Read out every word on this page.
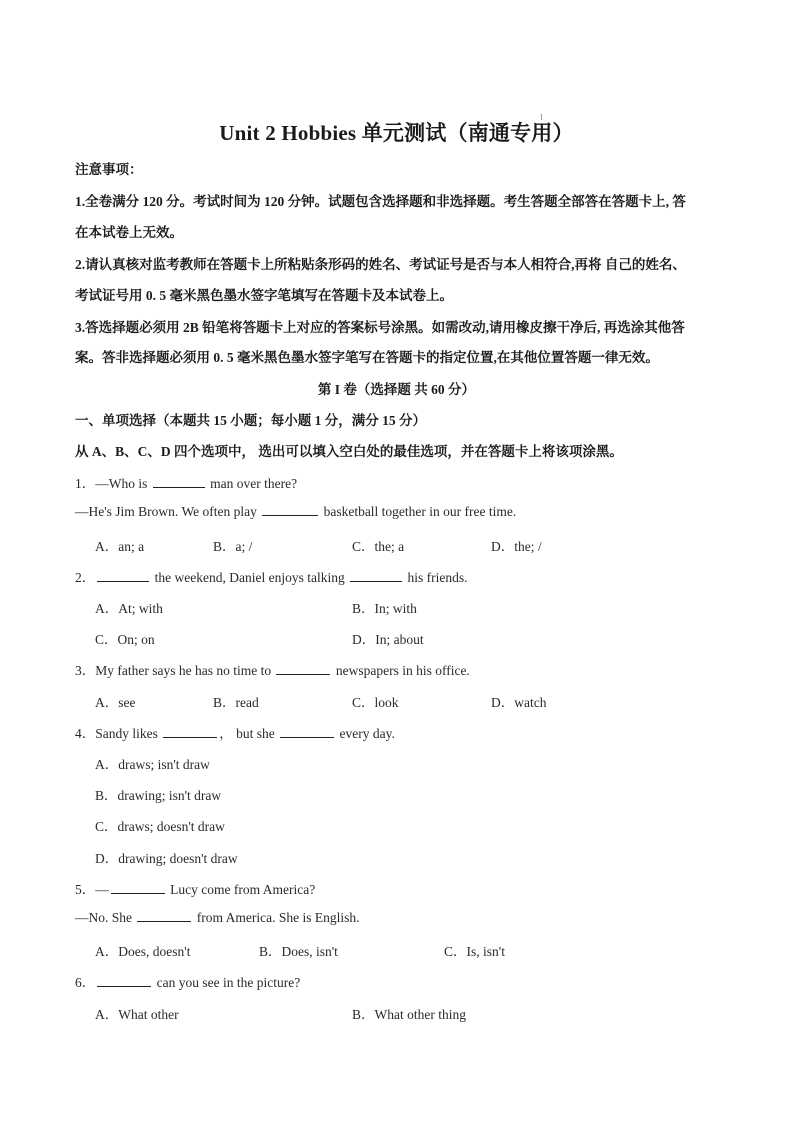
Unit 2 Hobbies 单元测试（南通专用）
注意事项：
1.全卷满分 120 分。考试时间为 120 分钟。试题包含选择题和非选择题。考生答题全部答在答题卡上, 答
在本试卷上无效。
2.请认真核对监考教师在答题卡上所粘贴条形码的姓名、考试证号是否与本人相符合,再将 自己的姓名、
考试证号用 0. 5 毫米黑色墨水签字笔填写在答题卡及本试卷上。
3.答选择题必须用 2B 铅笔将答题卡上对应的答案标号涂黑。如需改动,请用橡皮擦干净后, 再选涂其他答
案。答非选择题必须用 0. 5 毫米黑色墨水签字笔写在答题卡的指定位置,在其他位置答题一律无效。
第 I 卷（选择题 共 60 分）
一、单项选择（本题共 15 小题；每小题 1 分，满分 15 分）
从 A、B、C、D 四个选项中， 选出可以填入空白处的最佳选项，并在答题卡上将该项涂黑。
1．—Who is	man over there?
—He's Jim Brown. We often play	basketball together in our free time.
A．an; a	B．a; /	C．the; a	D．the; /
2．	the weekend, Daniel enjoys talking	his friends.
A．At; with	B．In; with
C．On; on	D．In; about
3．My father says he has no time to	newspapers in his office.
A．see	B．read	C．look	D．watch
4．Sandy likes	， but she	every day.
A．draws; isn't draw
B．drawing; isn't draw
C．draws; doesn't draw
D．drawing; doesn't draw
5．—	Lucy come from America?
—No. She	from America. She is English.
A．Does, doesn't	B．Does, isn't	C．Is, isn't
6．	can you see in the picture?
A．What other	B．What other thing
